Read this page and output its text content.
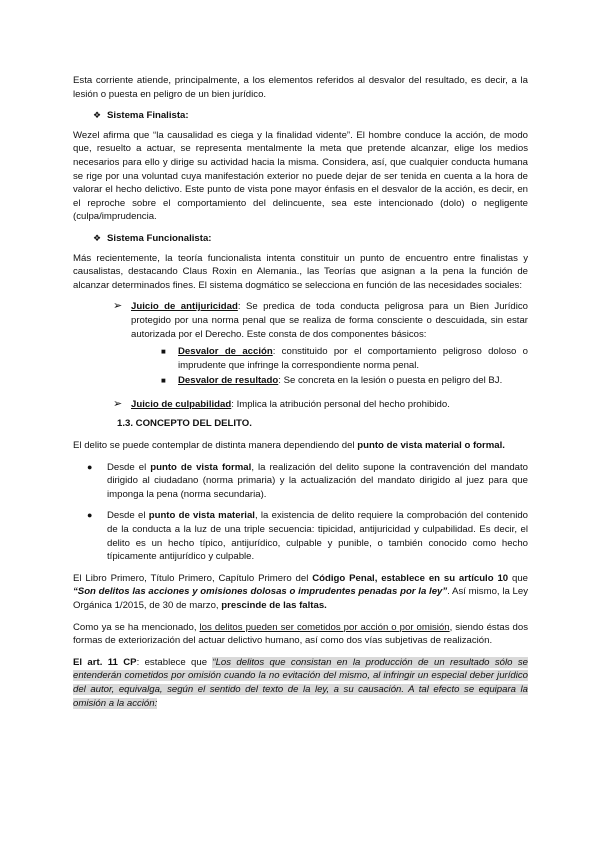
Esta corriente atiende, principalmente, a los elementos referidos al desvalor del resultado, es decir, a la lesión o puesta en peligro de un bien jurídico.

❖ Sistema Finalista:

Wezel afirma que “la causalidad es ciega y la finalidad vidente”. El hombre conduce la acción, de modo que, resuelto a actuar, se representa mentalmente la meta que pretende alcanzar, elige los medios necesarios para ello y dirige su actividad hacia la misma. Considera, así, que cualquier conducta humana se rige por una voluntad cuya manifestación exterior no puede dejar de ser tenida en cuenta a la hora de valorar el hecho delictivo. Este punto de vista pone mayor énfasis en el desvalor de la acción, es decir, en el reproche sobre el comportamiento del delincuente, sea este intencionado (dolo) o negligente (culpa/imprudencia.

❖ Sistema Funcionalista:

Más recientemente, la teoría funcionalista intenta constituir un punto de encuentro entre finalistas y causalistas, destacando Claus Roxin en Alemania., las Teorías que asignan a la pena la función de alcanzar determinados fines. El sistema dogmático se selecciona en función de las necesidades sociales:

➢ Juicio de antijuricidad: Se predica de toda conducta peligrosa para un Bien Jurídico protegido por una norma penal que se realiza de forma consciente o descuidada, sin estar autorizada por el Derecho. Este consta de dos componentes básicos:
■	Desvalor de acción: constituido por el comportamiento peligroso doloso o imprudente que infringe la correspondiente norma penal.
■	Desvalor de resultado: Se concreta en la lesión o puesta en peligro del BJ.
➢ Juicio de culpabilidad: Implica la atribución personal del hecho prohibido.
1.3. CONCEPTO DEL DELITO.

El delito se puede contemplar de distinta manera dependiendo del punto de vista material o formal.

●	Desde el punto de vista formal, la realización del delito supone la contravención del mandato dirigido al ciudadano (norma primaria) y la actualización del mandato dirigido al juez para que imponga la pena (norma secundaria).
●	Desde el punto de vista material, la existencia de delito requiere la comprobación del contenido de la conducta a la luz de una triple secuencia: tipicidad, antijuricidad y culpabilidad. Es decir, el delito es un hecho típico, antijurídico, culpable y punible, o también conocido como hecho típicamente antijurídico y culpable.

El Libro Primero, Título Primero, Capítulo Primero del Código Penal, establece en su artículo 10 que “Son delitos las acciones y omisiones dolosas o imprudentes penadas por la ley”. Así mismo, la Ley Orgánica 1/2015, de 30 de marzo, prescinde de las faltas.

Como ya se ha mencionado, los delitos pueden ser cometidos por acción o por omisión, siendo éstas dos formas de exteriorización del actuar delictivo humano, así como dos vías subjetivas de realización.

El art. 11 CP: establece que “Los delitos que consistan en la producción de un resultado sólo se entenderán cometidos por omisión cuando la no evitación del mismo, al infringir un especial deber jurídico del autor, equivalga, según el sentido del texto de la ley, a su causación. A tal efecto se equipara la omisión a la acción:
